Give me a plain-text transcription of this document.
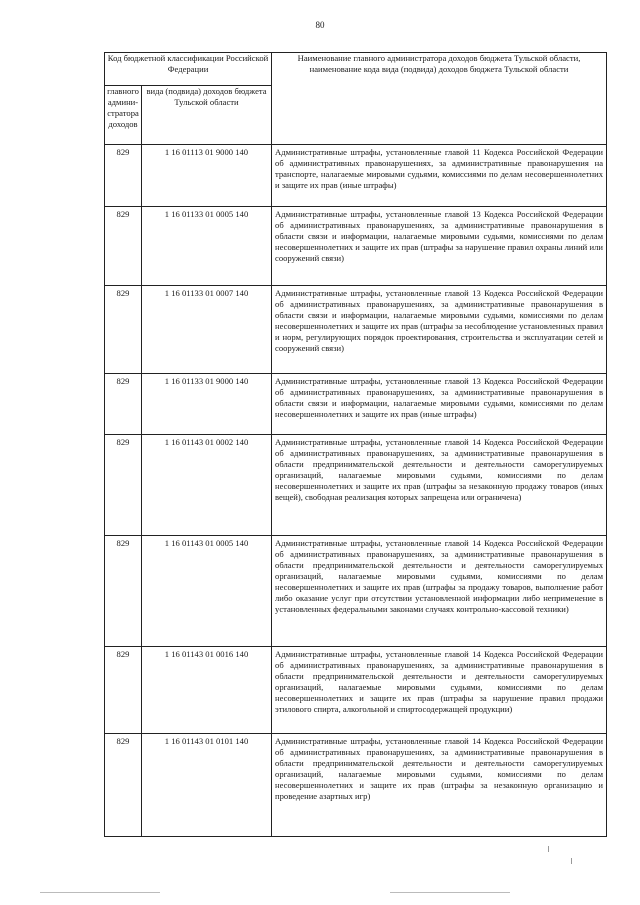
80
Код бюджетной классификации Российской Федерации		Наименование главного администратора доходов бюджета Тульской области, наименование кода вида (подвида) доходов бюджета Тульской области
главного админи-стратора доходов	вида (подвида) доходов бюджета Тульской области	
829	1 16 01113 01 9000 140	Административные штрафы, установленные главой 11 Кодекса Российской Федерации об административных правонарушениях, за административные правонарушения на транспорте, налагаемые мировыми судьями, комиссиями по делам несовершеннолетних и защите их прав (иные штрафы)
829	1 16 01133 01 0005 140	Административные штрафы, установленные главой 13 Кодекса Российской Федерации об административных правонарушениях, за административные правонарушения в области связи и информации, налагаемые мировыми судьями, комиссиями по делам несовершеннолетних и защите их прав (штрафы за нарушение правил охраны линий или сооружений связи)
829	1 16 01133 01 0007 140	Административные штрафы, установленные главой 13 Кодекса Российской Федерации об административных правонарушениях, за административные правонарушения в области связи и информации, налагаемые мировыми судьями, комиссиями по делам несовершеннолетних и защите их прав (штрафы за несоблюдение установленных правил и норм, регулирующих порядок проектирования, строительства и эксплуатации сетей и сооружений связи)
829	1 16 01133 01 9000 140	Административные штрафы, установленные главой 13 Кодекса Российской Федерации об административных правонарушениях, за административные правонарушения в области связи и информации, налагаемые мировыми судьями, комиссиями по делам несовершеннолетних и защите их прав (иные штрафы)
829	1 16 01143 01 0002 140	Административные штрафы, установленные главой 14 Кодекса Российской Федерации об административных правонарушениях, за административные правонарушения в области предпринимательской деятельности и деятельности саморегулируемых организаций, налагаемые мировыми судьями, комиссиями по делам несовершеннолетних и защите их прав (штрафы за незаконную продажу товаров (иных вещей), свободная реализация которых запрещена или ограничена)
829	1 16 01143 01 0005 140	Административные штрафы, установленные главой 14 Кодекса Российской Федерации об административных правонарушениях, за административные правонарушения в области предпринимательской деятельности и деятельности саморегулируемых организаций, налагаемые мировыми судьями, комиссиями по делам несовершеннолетних и защите их прав (штрафы за продажу товаров, выполнение работ либо оказание услуг при отсутствии установленной информации либо неприменение в установленных федеральными законами случаях контрольно-кассовой техники)
829	1 16 01143 01 0016 140	Административные штрафы, установленные главой 14 Кодекса Российской Федерации об административных правонарушениях, за административные правонарушения в области предпринимательской деятельности и деятельности саморегулируемых организаций, налагаемые мировыми судьями, комиссиями по делам несовершеннолетних и защите их прав (штрафы за нарушение правил продажи этилового спирта, алкогольной и спиртосодержащей продукции)
829	1 16 01143 01 0101 140	Административные штрафы, установленные главой 14 Кодекса Российской Федерации об административных правонарушениях, за административные правонарушения в области предпринимательской деятельности и деятельности саморегулируемых организаций, налагаемые мировыми судьями, комиссиями по делам несовершеннолетних и защите их прав (штрафы за незаконную организацию и проведение азартных игр)
